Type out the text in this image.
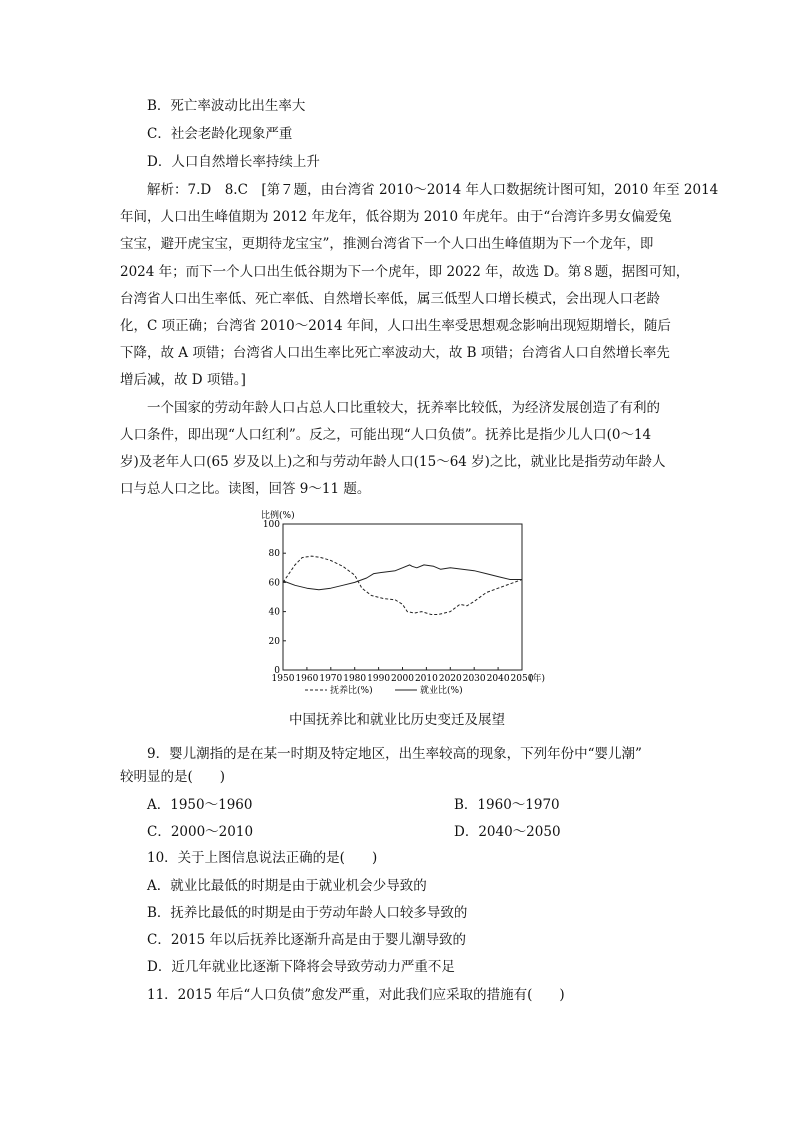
B．死亡率波动比出生率大
C．社会老龄化现象严重
D．人口自然增长率持续上升
解析：7.D　8.C　[第７题，由台湾省 2010～2014 年人口数据统计图可知，2010 年至 2014
年间，人口出生峰值期为 2012 年龙年，低谷期为 2010 年虎年。由于“台湾许多男女偏爱兔
宝宝，避开虎宝宝，更期待龙宝宝”，推测台湾省下一个人口出生峰值期为下一个龙年，即
2024 年；而下一个人口出生低谷期为下一个虎年，即 2022 年，故选 D。第８题，据图可知，
台湾省人口出生率低、死亡率低、自然增长率低，属三低型人口增长模式，会出现人口老龄
化，C 项正确；台湾省 2010～2014 年间，人口出生率受思想观念影响出现短期增长，随后
下降，故 A 项错；台湾省人口出生率比死亡率波动大，故 B 项错；台湾省人口自然增长率先
增后减，故 D 项错。]
一个国家的劳动年龄人口占总人口比重较大，抚养率比较低，为经济发展创造了有利的
人口条件，即出现“人口红利”。反之，可能出现“人口负债”。抚养比是指少儿人口(0～14
岁)及老年人口(65 岁及以上)之和与劳动年龄人口(15～64 岁)之比，就业比是指劳动年龄人
口与总人口之比。读图，回答 9～11 题。
比例(%)
0
20
40
60
80
100
1950 1960 1970 1980 1990 2000 2010 2020 2030 2040 2050
(年)
抚养比(%)	就业比(%)
中国抚养比和就业比历史变迁及展望
9．婴儿潮指的是在某一时期及特定地区，出生率较高的现象，下列年份中“婴儿潮”
较明显的是(　　)
A．1950～1960	B．1960～1970
C．2000～2010	D．2040～2050
10．关于上图信息说法正确的是(　　)
A．就业比最低的时期是由于就业机会少导致的
B．抚养比最低的时期是由于劳动年龄人口较多导致的
C．2015 年以后抚养比逐渐升高是由于婴儿潮导致的
D．近几年就业比逐渐下降将会导致劳动力严重不足
11．2015 年后“人口负债”愈发严重，对此我们应采取的措施有(　　)
